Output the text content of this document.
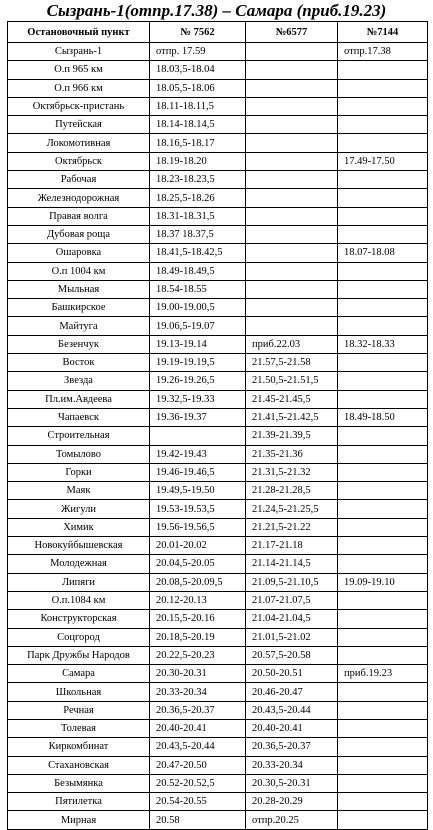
Сызрань-1(отпр.17.38) – Самара (приб.19.23)
Остановочный пункт	№ 7562	№6577	№7144
Сызрань-1	отпр. 17.59		отпр.17.38
О.п 965 км	18.03,5-18.04		
О.п 966 км	18.05,5-18.06		
Октябрьск-пристань	18.11-18.11,5		
Путейская	18.14-18.14,5		
Локомотивная	18.16,5-18.17		
Октябрьск	18.19-18.20		17.49-17.50
Рабочая	18.23-18.23,5		
Железнодорожная	18.25,5-18.26		
Правая волга	18.31-18.31,5		
Дубовая роща	18.37 18.37,5		
Ошаровка	18.41,5-18.42,5		18.07-18.08
О.п 1004 км	18.49-18.49,5		
Мыльная	18.54-18.55		
Башкирское	19.00-19.00,5		
Майтуга	19.06,5-19.07		
Безенчук	19.13-19.14	приб.22.03	18.32-18.33
Восток	19.19-19.19,5	21.57,5-21.58	
Звезда	19.26-19.26,5	21.50,5-21.51,5	
Пл.им.Авдеева	19.32,5-19.33	21.45-21.45,5	
Чапаевск	19.36-19.37	21.41,5-21.42,5	18.49-18.50
Строительная		21.39-21.39,5	
Томылово	19.42-19.43	21.35-21.36	
Горки	19.46-19.46,5	21.31,5-21.32	
Маяк	19.49,5-19.50	21.28-21.28,5	
Жигули	19.53-19.53,5	21.24,5-21.25,5	
Химик	19.56-19.56,5	21.21,5-21.22	
Новокуйбышевская	20.01-20.02	21.17-21.18	
Молодежная	20.04,5-20.05	21.14-21.14,5	
Липяги	20.08,5-20.09,5	21.09,5-21.10,5	19.09-19.10
О.п.1084 км	20.12-20.13	21.07-21.07,5	
Конструкторская	20.15,5-20.16	21.04-21.04,5	
Соцгород	20.18,5-20.19	21.01,5-21.02	
Парк Дружбы Народов	20.22,5-20.23	20.57,5-20.58	
Самара	20.30-20.31	20.50-20.51	приб.19.23
Школьная	20.33-20.34	20.46-20.47	
Речная	20.36,5-20.37	20.43,5-20.44	
Толевая	20.40-20.41	20.40-20.41	
Киркомбинат	20.43,5-20.44	20.36,5-20.37	
Стахановская	20.47-20.50	20.33-20.34	
Безымянка	20.52-20.52,5	20.30,5-20.31	
Пятилетка	20.54-20.55	20.28-20.29	
Мирная	20.58	отпр.20.25	
